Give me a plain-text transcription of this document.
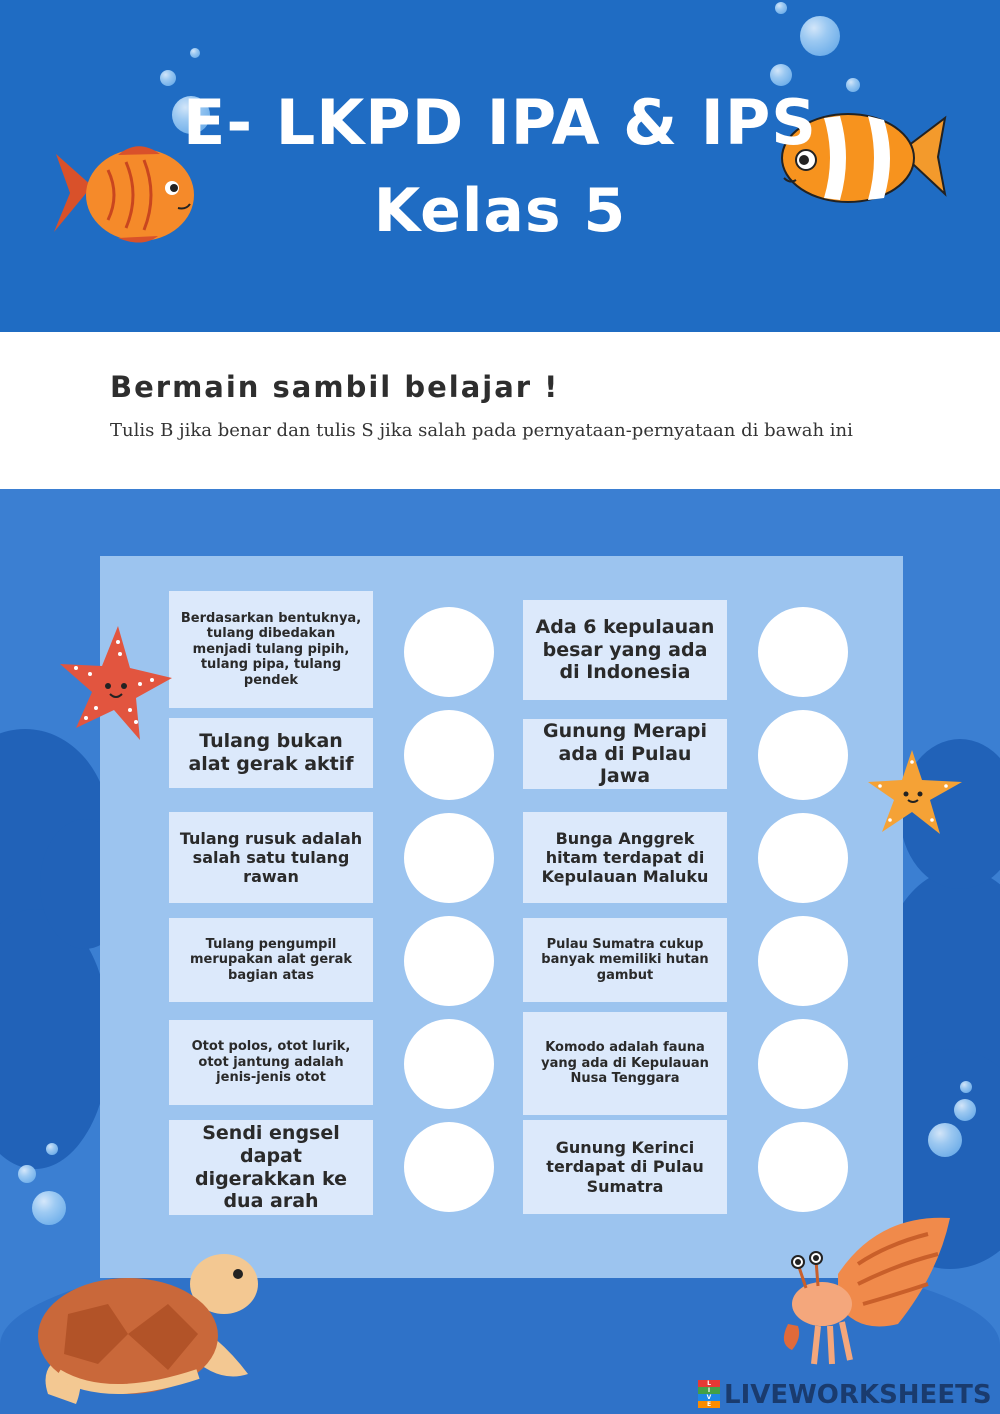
E- LKPD IPA & IPS
Kelas 5
Bermain sambil belajar !
Tulis B jika benar dan tulis S jika salah pada pernyataan-pernyataan di bawah ini
Berdasarkan bentuknya, tulang dibedakan menjadi tulang pipih, tulang pipa, tulang pendek
Tulang bukan alat gerak aktif
Tulang rusuk adalah salah satu tulang rawan
Tulang pengumpil merupakan alat gerak bagian atas
Otot polos, otot lurik, otot jantung adalah jenis-jenis otot
Sendi engsel dapat digerakkan ke dua arah
Ada 6 kepulauan besar yang ada di Indonesia
Gunung Merapi ada di Pulau Jawa
Bunga Anggrek hitam terdapat di Kepulauan Maluku
Pulau Sumatra cukup banyak memiliki hutan gambut
Komodo adalah fauna yang ada di Kepulauan Nusa Tenggara
Gunung Kerinci terdapat di Pulau Sumatra
L
I
V
E LIVEWORKSHEETS
